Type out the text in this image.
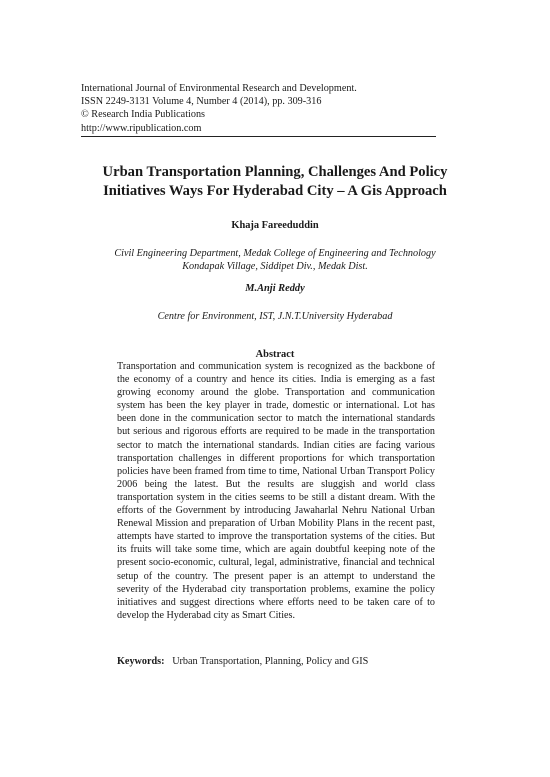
International Journal of Environmental Research and Development.
ISSN 2249-3131 Volume 4, Number 4 (2014), pp. 309-316
© Research India Publications
http://www.ripublication.com
Urban Transportation Planning, Challenges And Policy
Initiatives Ways For Hyderabad City – A Gis Approach
Khaja Fareeduddin
Civil Engineering Department, Medak College of Engineering and Technology
Kondapak Village, Siddipet Div., Medak Dist.
M.Anji Reddy
Centre for Environment, IST, J.N.T.University Hyderabad
Abstract
Transportation and communication system is recognized as the backbone of the economy of a country and hence its cities. India is emerging as a fast growing economy around the globe. Transportation and communication system has been the key player in trade, domestic or international. Lot has been done in the communication sector to match the international standards but serious and rigorous efforts are required to be made in the transportation sector to match the international standards. Indian cities are facing various transportation challenges in different proportions for which transportation policies have been framed from time to time, National Urban Transport Policy 2006 being the latest. But the results are sluggish and world class transportation system in the cities seems to be still a distant dream. With the efforts of the Government by introducing Jawaharlal Nehru National Urban Renewal Mission and preparation of Urban Mobility Plans in the recent past, attempts have started to improve the transportation systems of the cities. But its fruits will take some time, which are again doubtful keeping note of the present socio-economic, cultural, legal, administrative, financial and technical setup of the country. The present paper is an attempt to understand the severity of the Hyderabad city transportation problems, examine the policy initiatives and suggest directions where efforts need to be taken care of to develop the Hyderabad city as Smart Cities.
Keywords: Urban Transportation, Planning, Policy and GIS
